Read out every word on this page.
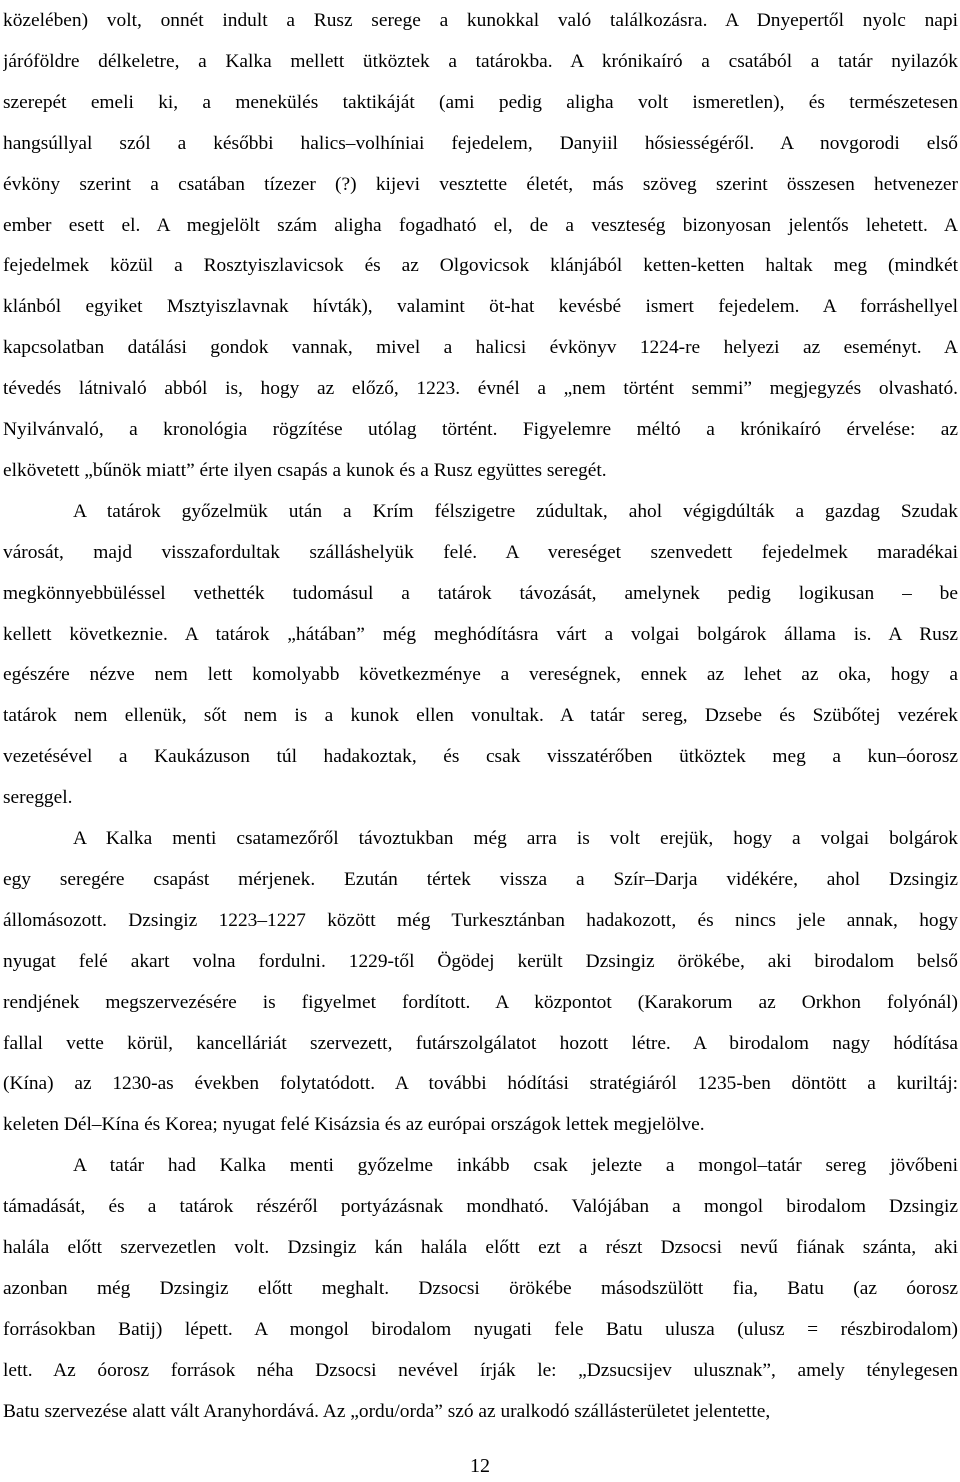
közelében) volt, onnét indult a Rusz serege a kunokkal való találkozásra. A Dnyepertől nyolc napi
járóföldre délkeletre, a Kalka mellett ütköztek a tatárokba. A krónikaíró a csatából a tatár nyilazók
szerepét emeli ki, a menekülés taktikáját (ami pedig aligha volt ismeretlen), és természetesen
hangsúllyal szól a későbbi halics–volhíniai fejedelem, Danyiil hősiességéről. A novgorodi első
évköny szerint a csatában tízezer (?) kijevi vesztette életét, más szöveg szerint összesen hetvenezer
ember esett el. A megjelölt szám aligha fogadható el, de a veszteség bizonyosan jelentős lehetett. A
fejedelmek közül a Rosztyiszlavicsok és az Olgovicsok klánjából ketten-ketten haltak meg (mindkét
klánból egyiket Msztyiszlavnak hívták), valamint öt-hat kevésbé ismert fejedelem. A forráshellyel
kapcsolatban datálási gondok vannak, mivel a halicsi évkönyv 1224-re helyezi az eseményt. A
tévedés látnivaló abból is, hogy az előző, 1223. évnél a „nem történt semmi” megjegyzés olvasható.
Nyilvánvaló, a kronológia rögzítése utólag történt. Figyelemre méltó a krónikaíró érvelése: az
elkövetett „bűnök miatt” érte ilyen csapás a kunok és a Rusz együttes seregét.
A tatárok győzelmük után a Krím félszigetre zúdultak, ahol végigdúlták a gazdag Szudak
városát, majd visszafordultak szálláshelyük felé. A vereséget szenvedett fejedelmek maradékai
megkönnyebbüléssel vethették tudomásul a tatárok távozását, amelynek pedig logikusan – be
kellett következnie. A tatárok „hátában” még meghódításra várt a volgai bolgárok állama is. A Rusz
egészére nézve nem lett komolyabb következménye a vereségnek, ennek az lehet az oka, hogy a
tatárok nem ellenük, sőt nem is a kunok ellen vonultak. A tatár sereg, Dzsebe és Szübőtej vezérek
vezetésével a Kaukázuson túl hadakoztak, és csak visszatérőben ütköztek meg a kun–óorosz
sereggel.
A Kalka menti csatamezőről távoztukban még arra is volt erejük, hogy a volgai bolgárok
egy seregére csapást mérjenek. Ezután tértek vissza a Szír–Darja vidékére, ahol Dzsingiz
állomásozott. Dzsingiz 1223–1227 között még Turkesztánban hadakozott, és nincs jele annak, hogy
nyugat felé akart volna fordulni. 1229-től Ögödej került Dzsingiz örökébe, aki birodalom belső
rendjének megszervezésére is figyelmet fordított. A központot (Karakorum az Orkhon folyónál)
fallal vette körül, kancelláriát szervezett, futárszolgálatot hozott létre. A birodalom nagy hódítása
(Kína) az 1230-as években folytatódott. A további hódítási stratégiáról 1235-ben döntött a kuriltáj:
keleten Dél–Kína és Korea; nyugat felé Kisázsia és az európai országok lettek megjelölve.
A tatár had Kalka menti győzelme inkább csak jelezte a mongol–tatár sereg jövőbeni
támadását, és a tatárok részéről portyázásnak mondható. Valójában a mongol birodalom Dzsingiz
halála előtt szervezetlen volt. Dzsingiz kán halála előtt ezt a részt Dzsocsi nevű fiának szánta, aki
azonban még Dzsingiz előtt meghalt. Dzsocsi örökébe másodszülött fia, Batu (az óorosz
forrásokban Batij) lépett. A mongol birodalom nyugati fele Batu ulusza (ulusz = részbirodalom)
lett. Az óorosz források néha Dzsocsi nevével írják le: „Dzsucsijev ulusznak”, amely ténylegesen
Batu szervezése alatt vált Aranyhordává. Az „ordu/orda” szó az uralkodó szállásterületet jelentette,
12
